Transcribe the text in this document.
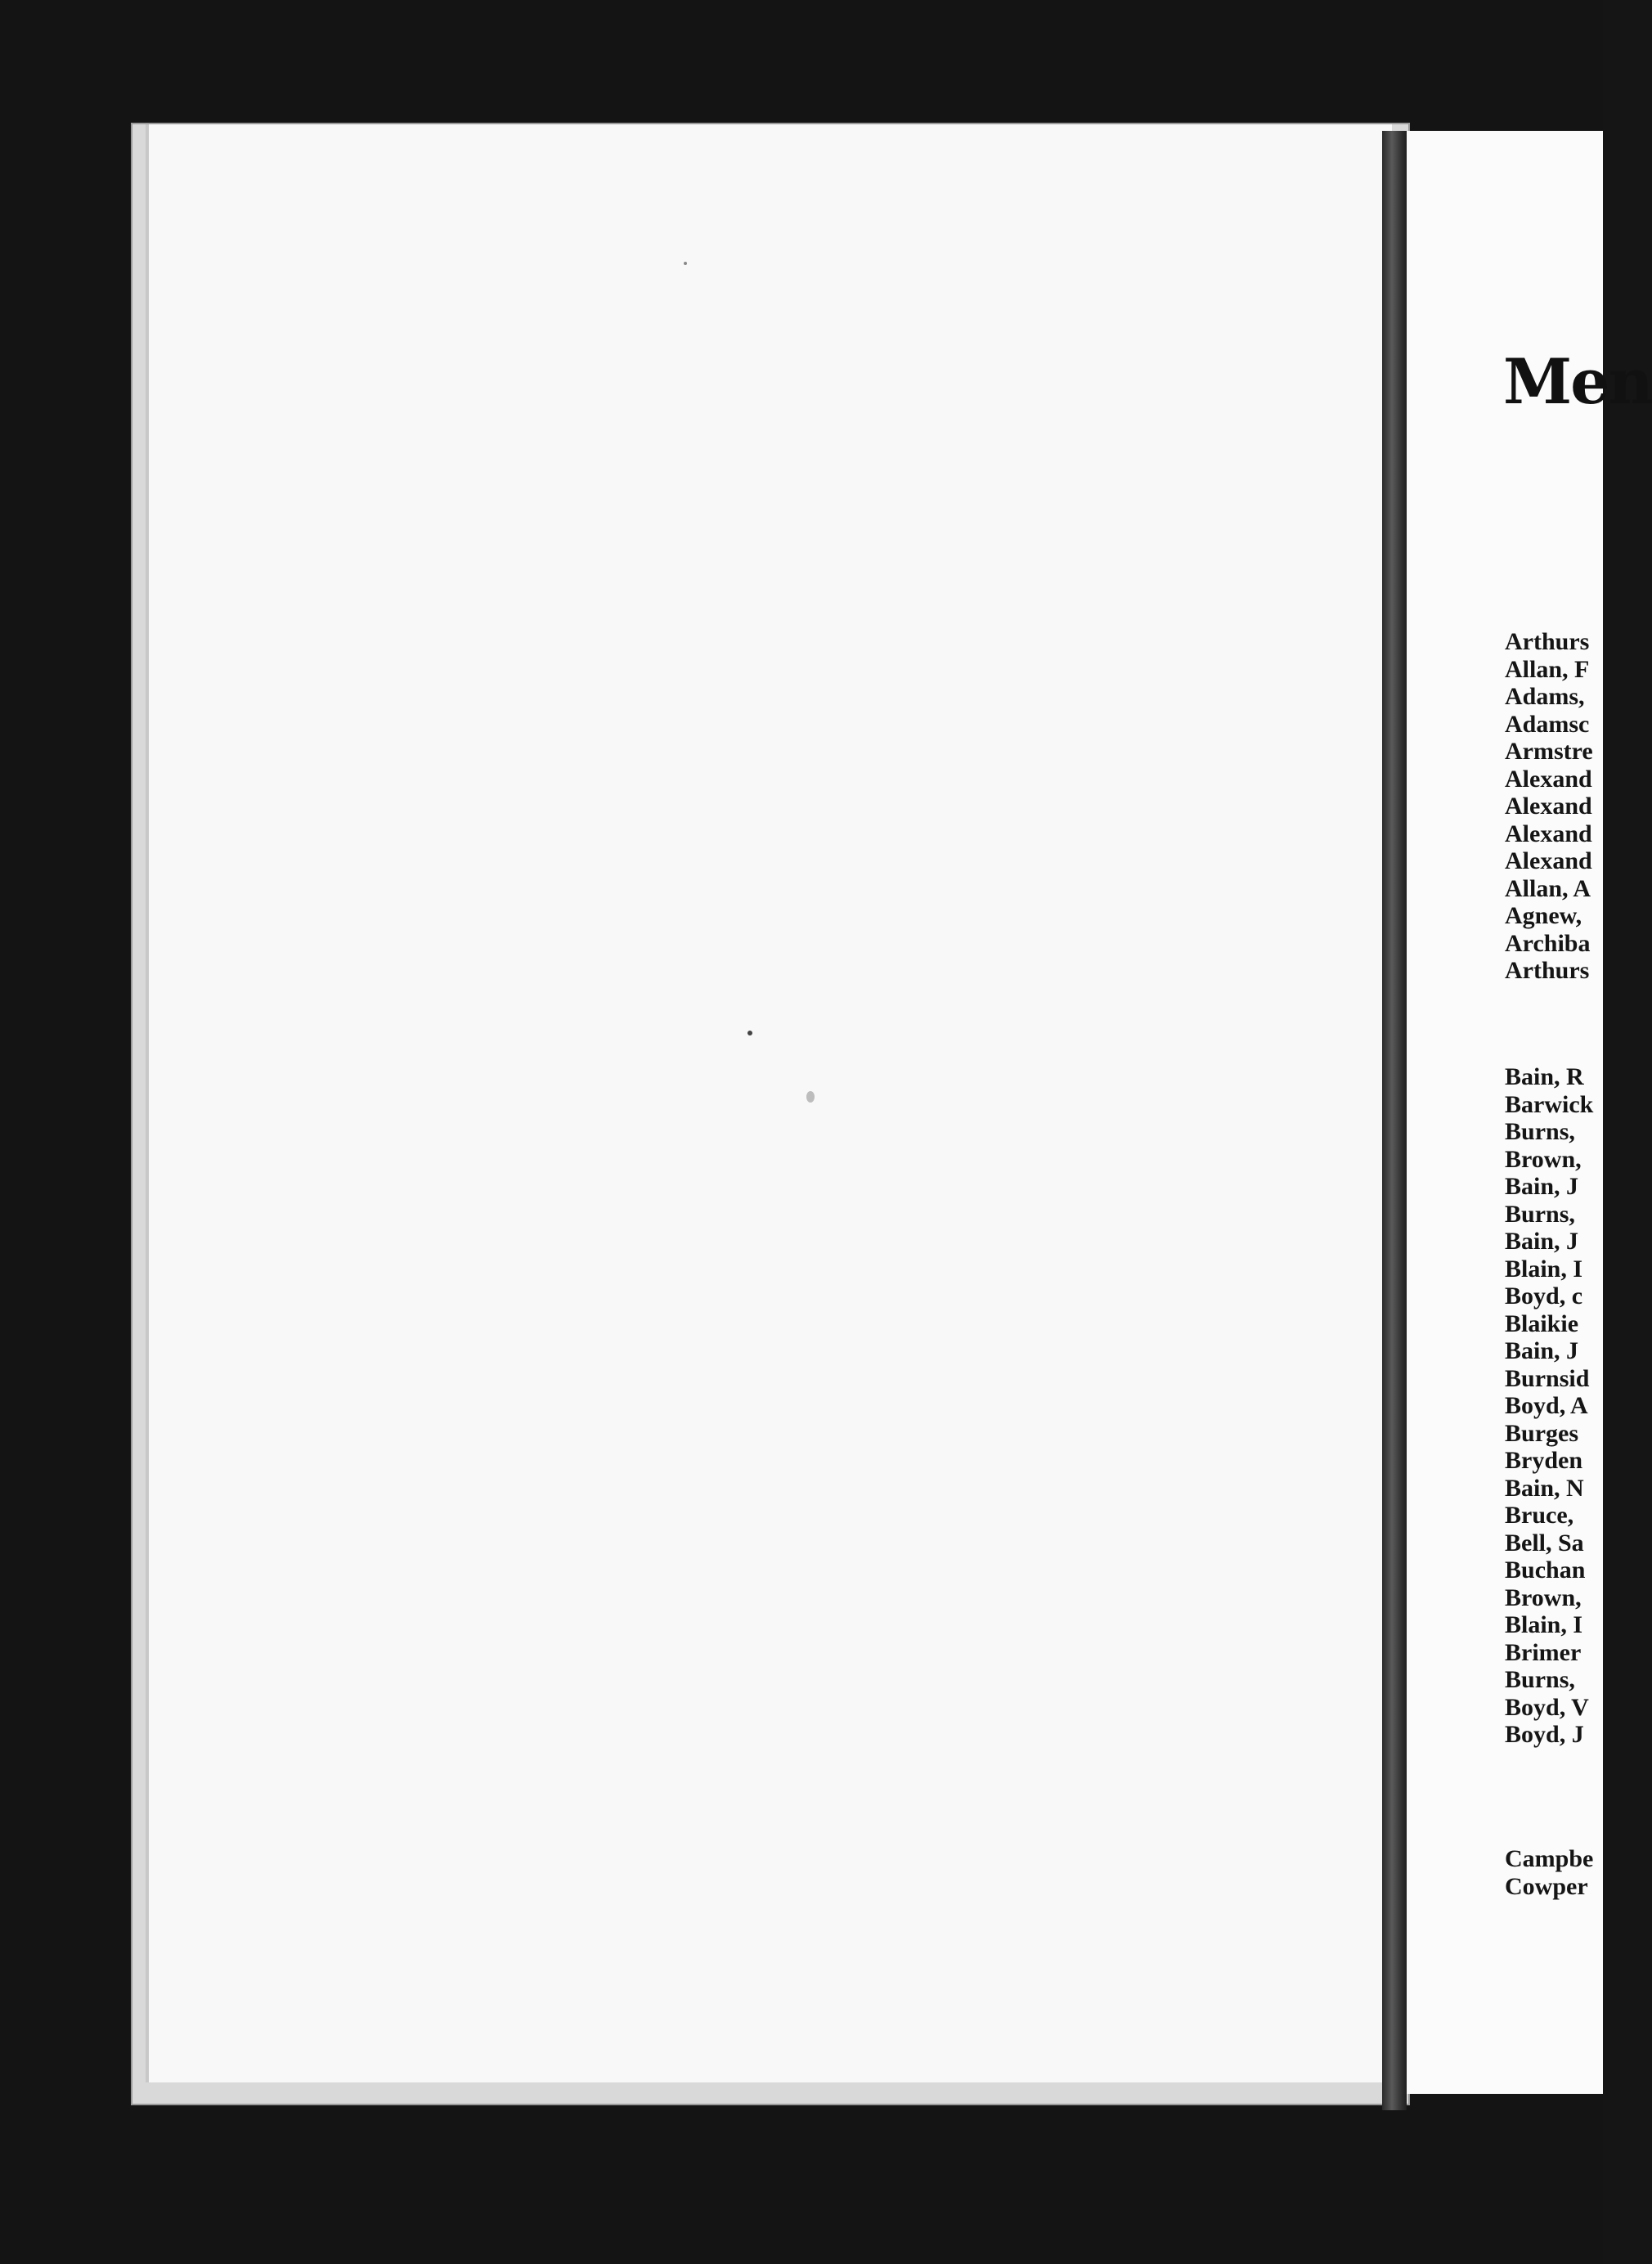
Men
Arthurs
Allan, F
Adams,
Adamsc
Armstre
Alexand
Alexand
Alexand
Alexand
Allan, A
Agnew,
Archiba
Arthurs
Bain, R
Barwick
Burns,
Brown,
Bain, J
Burns,
Bain, J
Blain, I
Boyd, c
Blaikie
Bain, J
Burnsid
Boyd, A
Burges
Bryden
Bain, N
Bruce,
Bell, Sa
Buchan
Brown,
Blain, I
Brimer
Burns,
Boyd, V
Boyd, J
Campbe
Cowper
